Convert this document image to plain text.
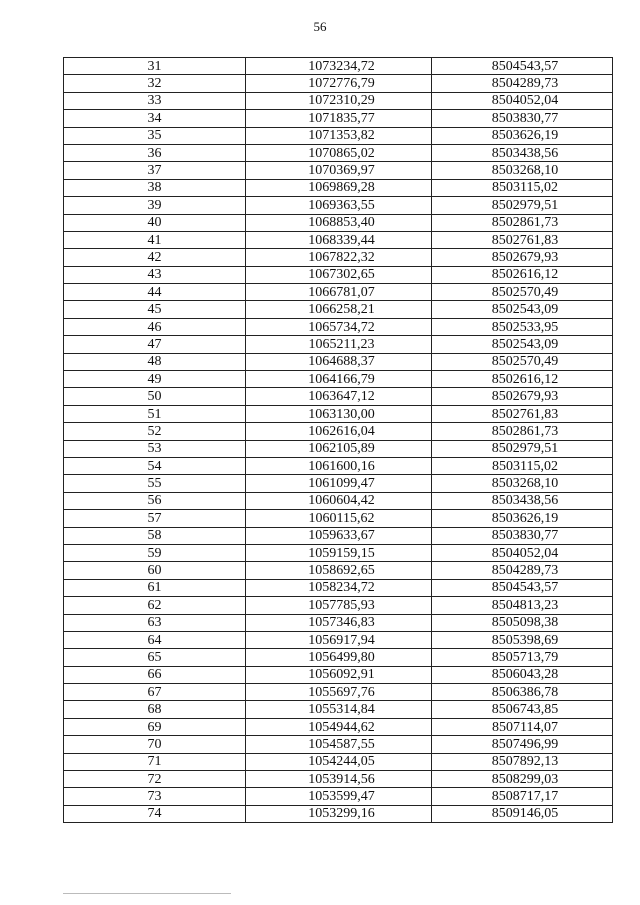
56
31	1073234,72	8504543,57
32	1072776,79	8504289,73
33	1072310,29	8504052,04
34	1071835,77	8503830,77
35	1071353,82	8503626,19
36	1070865,02	8503438,56
37	1070369,97	8503268,10
38	1069869,28	8503115,02
39	1069363,55	8502979,51
40	1068853,40	8502861,73
41	1068339,44	8502761,83
42	1067822,32	8502679,93
43	1067302,65	8502616,12
44	1066781,07	8502570,49
45	1066258,21	8502543,09
46	1065734,72	8502533,95
47	1065211,23	8502543,09
48	1064688,37	8502570,49
49	1064166,79	8502616,12
50	1063647,12	8502679,93
51	1063130,00	8502761,83
52	1062616,04	8502861,73
53	1062105,89	8502979,51
54	1061600,16	8503115,02
55	1061099,47	8503268,10
56	1060604,42	8503438,56
57	1060115,62	8503626,19
58	1059633,67	8503830,77
59	1059159,15	8504052,04
60	1058692,65	8504289,73
61	1058234,72	8504543,57
62	1057785,93	8504813,23
63	1057346,83	8505098,38
64	1056917,94	8505398,69
65	1056499,80	8505713,79
66	1056092,91	8506043,28
67	1055697,76	8506386,78
68	1055314,84	8506743,85
69	1054944,62	8507114,07
70	1054587,55	8507496,99
71	1054244,05	8507892,13
72	1053914,56	8508299,03
73	1053599,47	8508717,17
74	1053299,16	8509146,05
